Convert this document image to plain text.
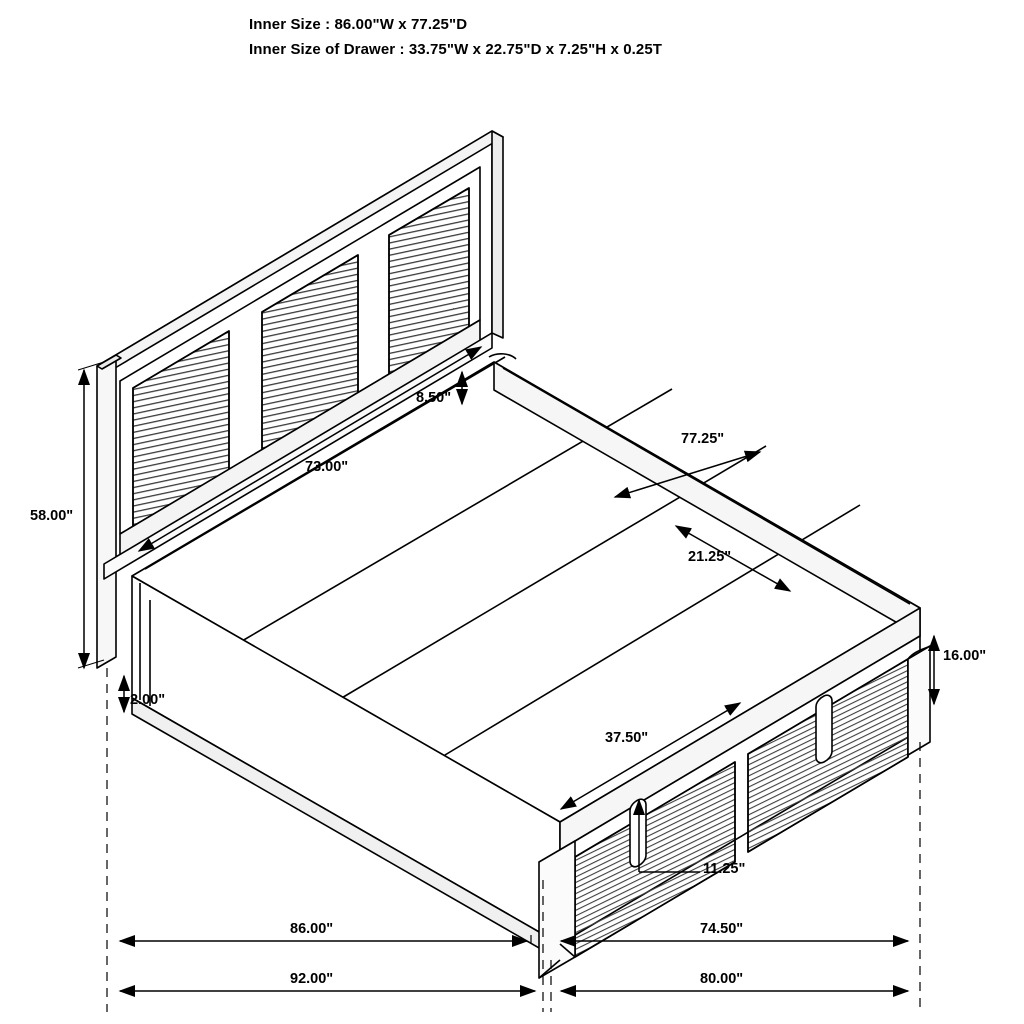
Inner Size : 86.00"W x 77.25"D
Inner Size of Drawer : 33.75"W x 22.75"D x 7.25"H x 0.25T
58.00"
8.50"
73.00"
77.25"
21.25"
16.00"
2.00"
37.50"
11.25"
86.00"	74.50"
92.00"	80.00"
